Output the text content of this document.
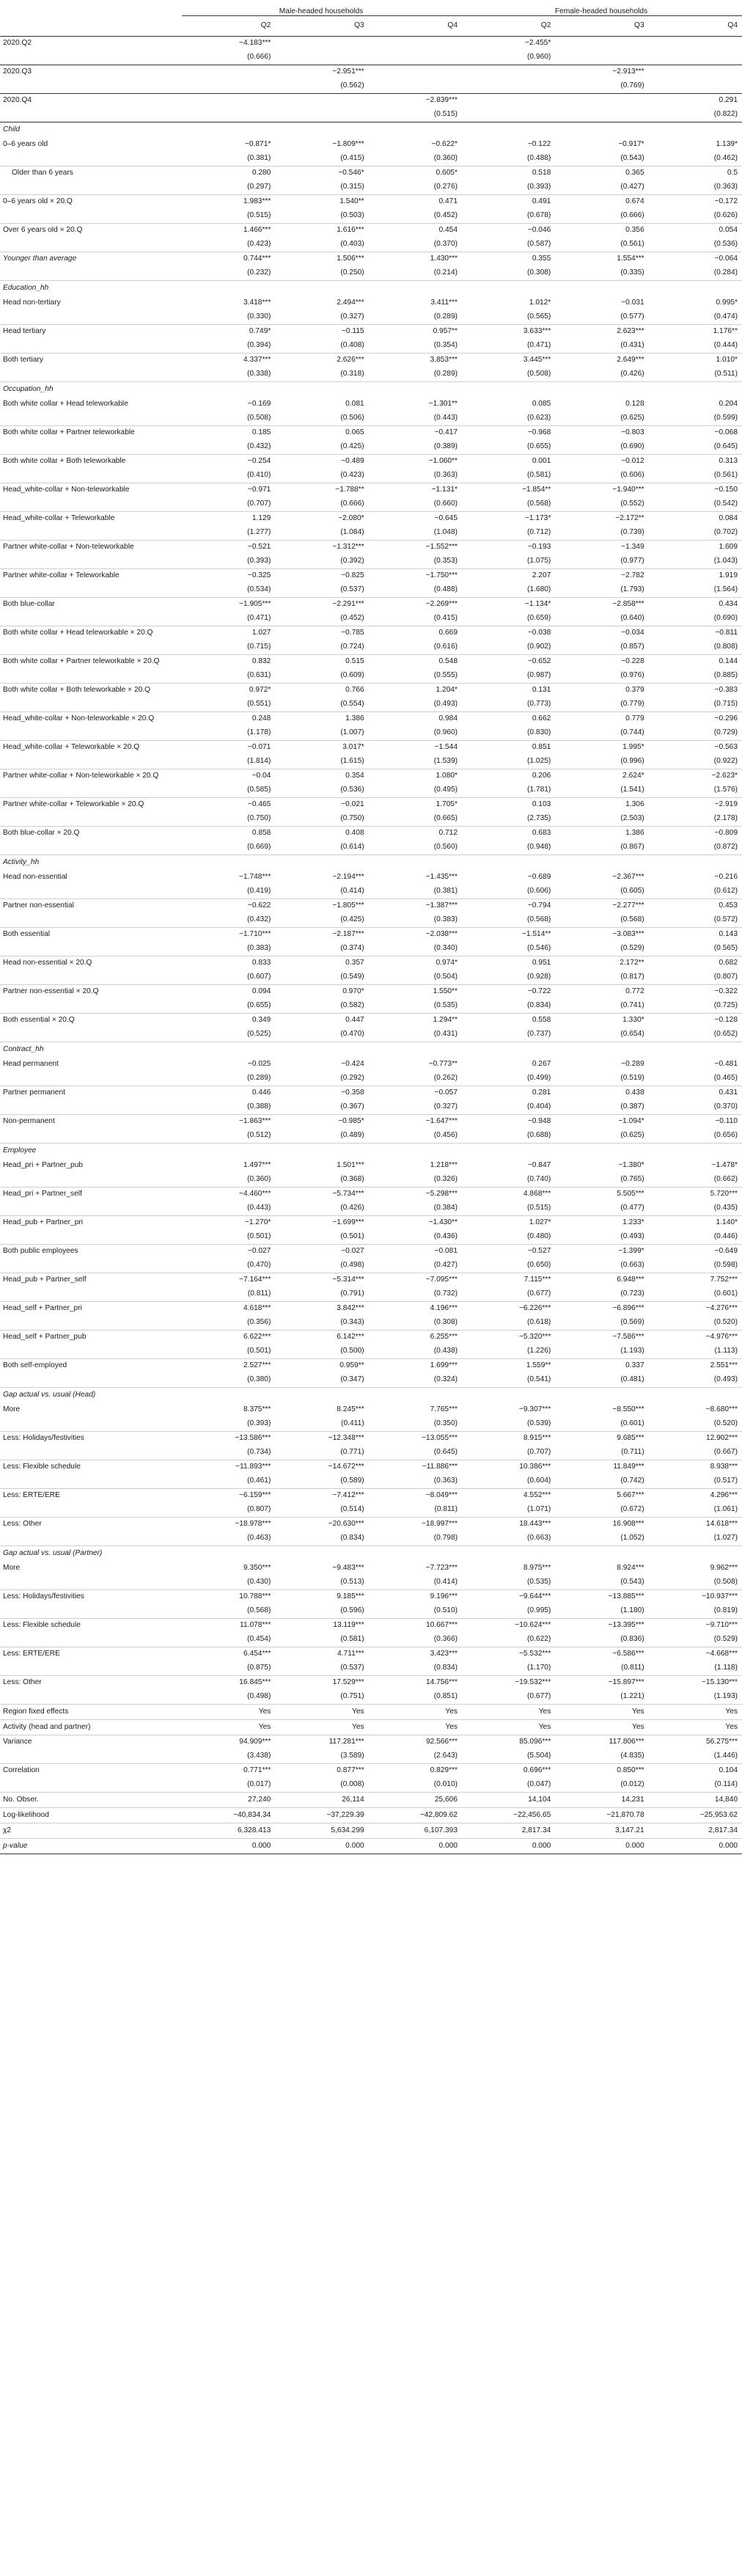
	Male-headed households			Female-headed households		
	Q2	Q3	Q4	Q2	Q3	Q4
2020.Q2	−4.183***			−2.455*		
	(0.666)			(0.960)		
2020.Q3		−2.951***			−2.913***	
		(0.562)			(0.769)	
2020.Q4			−2.839***			0.291
			(0.515)			(0.822)
Child						
0–6 years old	−0.871*	−1.809***	−0.622*	−0.122	−0.917*	1.139*
	(0.381)	(0.415)	(0.360)	(0.488)	(0.543)	(0.462)
Older than 6 years	0.280	−0.546*	0.605*	0.518	0.365	0.5
	(0.297)	(0.315)	(0.276)	(0.393)	(0.427)	(0.363)
0–6 years old × 20.Q	1.983***	1.540**	0.471	0.491	0.674	−0.172
	(0.515)	(0.503)	(0.452)	(0.678)	(0.666)	(0.626)
Over 6 years old × 20.Q	1.466***	1.616***	0.454	−0.046	0.356	0.054
	(0.423)	(0.403)	(0.370)	(0.587)	(0.561)	(0.536)
Younger than average	0.744***	1.506***	1.430***	0.355	1.554***	−0.064
	(0.232)	(0.250)	(0.214)	(0.308)	(0.335)	(0.284)
Education_hh						
Head non-tertiary	3.418***	2.494***	3.411***	1.012*	−0.031	0.995*
	(0.330)	(0.327)	(0.289)	(0.565)	(0.577)	(0.474)
Head tertiary	0.749*	−0.115	0.957**	3.633***	2.623***	1.176**
	(0.394)	(0.408)	(0.354)	(0.471)	(0.431)	(0.444)
Both tertiary	4.337***	2.626***	3.853***	3.445***	2.649***	1.010*
	(0.338)	(0.318)	(0.289)	(0.508)	(0.426)	(0.511)
Occupation_hh						
Both white collar + Head teleworkable	−0.169	0.081	−1.301**	0.085	0.128	0.204
	(0.508)	(0.506)	(0.443)	(0.623)	(0.625)	(0.599)
Both white collar + Partner teleworkable	0.185	0.065	−0.417	−0.968	−0.803	−0.068
	(0.432)	(0.425)	(0.389)	(0.655)	(0.690)	(0.645)
Both white collar + Both teleworkable	−0.254	−0.489	−1.060**	0.001	−0.012	0.313
	(0.410)	(0.423)	(0.363)	(0.581)	(0.606)	(0.561)
Head_white-collar + Non-teleworkable	−0.971	−1.788**	−1.131*	−1.854**	−1.940***	−0.150
	(0.707)	(0.666)	(0.660)	(0.568)	(0.552)	(0.542)
Head_white-collar + Teleworkable	1.129	−2.080*	−0.645	−1.173*	−2.172**	0.084
	(1.277)	(1.084)	(1.048)	(0.712)	(0.739)	(0.702)
Partner white-collar + Non-teleworkable	−0.521	−1.312***	−1.552***	−0.193	−1.349	1.609
	(0.393)	(0.392)	(0.353)	(1.075)	(0.977)	(1.043)
Partner white-collar + Teleworkable	−0.325	−0.825	−1.750***	2.207	−2.782	1.919
	(0.534)	(0.537)	(0.488)	(1.680)	(1.793)	(1.564)
Both blue-collar	−1.905***	−2.291***	−2.269***	−1.134*	−2.858***	0.434
	(0.471)	(0.452)	(0.415)	(0.659)	(0.640)	(0.690)
Both white collar + Head teleworkable × 20.Q	1.027	−0.785	0.669	−0.038	−0.034	−0.811
	(0.715)	(0.724)	(0.616)	(0.902)	(0.857)	(0.808)
Both white collar + Partner teleworkable × 20.Q	0.832	0.515	0.548	−0.652	−0.228	0.144
	(0.631)	(0.609)	(0.555)	(0.987)	(0.976)	(0.885)
Both white collar + Both teleworkable × 20.Q	0.972*	0.766	1.204*	0.131	0.379	−0.383
	(0.551)	(0.554)	(0.493)	(0.773)	(0.779)	(0.715)
Head_white-collar + Non-teleworkable × 20.Q	0.248	1.386	0.984	0.662	0.779	−0.296
	(1.178)	(1.007)	(0.960)	(0.830)	(0.744)	(0.729)
Head_white-collar + Teleworkable × 20.Q	−0.071	3.017*	−1.544	0.851	1.995*	−0.563
	(1.814)	(1.615)	(1.539)	(1.025)	(0.996)	(0.922)
Partner white-collar + Non-teleworkable × 20.Q	−0.04	0.354	1.080*	0.206	2.624*	−2.623*
	(0.585)	(0.536)	(0.495)	(1.781)	(1.541)	(1.576)
Partner white-collar + Teleworkable × 20.Q	−0.465	−0.021	1.705*	0.103	1.306	−2.919
	(0.750)	(0.750)	(0.665)	(2.735)	(2.503)	(2.178)
Both blue-collar × 20.Q	0.858	0.408	0.712	0.683	1.386	−0.809
	(0.669)	(0.614)	(0.560)	(0.948)	(0.867)	(0.872)
Activity_hh						
Head non-essential	−1.748***	−2.194***	−1.435***	−0.689	−2.367***	−0.216
	(0.419)	(0.414)	(0.381)	(0.606)	(0.605)	(0.612)
Partner non-essential	−0.622	−1.805***	−1.387***	−0.794	−2.277***	0.453
	(0.432)	(0.425)	(0.383)	(0.568)	(0.568)	(0.572)
Both essential	−1.710***	−2.187***	−2.038***	−1.514**	−3.083***	0.143
	(0.383)	(0.374)	(0.340)	(0.546)	(0.529)	(0.565)
Head non-essential × 20.Q	0.833	0.357	0.974*	0.951	2.172**	0.682
	(0.607)	(0.549)	(0.504)	(0.928)	(0.817)	(0.807)
Partner non-essential × 20.Q	0.094	0.970*	1.550**	−0.722	0.772	−0.322
	(0.655)	(0.582)	(0.535)	(0.834)	(0.741)	(0.725)
Both essential × 20.Q	0.349	0.447	1.294**	0.558	1.330*	−0.128
	(0.525)	(0.470)	(0.431)	(0.737)	(0.654)	(0.652)
Contract_hh						
Head permanent	−0.025	−0.424	−0.773**	0.267	−0.289	−0.481
	(0.289)	(0.292)	(0.262)	(0.499)	(0.519)	(0.465)
Partner permanent	0.446	−0.358	−0.057	0.281	0.438	0.431
	(0.388)	(0.367)	(0.327)	(0.404)	(0.387)	(0.370)
Non-permanent	−1.863***	−0.985*	−1.647***	−0.948	−1.094*	−0.110
	(0.512)	(0.489)	(0.456)	(0.688)	(0.625)	(0.656)
Employee						
Head_pri + Partner_pub	1.497***	1.501***	1.218***	−0.847	−1.380*	−1.478*
	(0.360)	(0.368)	(0.326)	(0.740)	(0.765)	(0.662)
Head_pri + Partner_self	−4.460***	−5.734***	−5.298***	4.868***	5.505***	5.720***
	(0.443)	(0.426)	(0.384)	(0.515)	(0.477)	(0.435)
Head_pub + Partner_pri	−1.270*	−1.699***	−1.430**	1.027*	1.233*	1.140*
	(0.501)	(0.501)	(0.436)	(0.480)	(0.493)	(0.446)
Both public employees	−0.027	−0.027	−0.081	−0.527	−1.399*	−0.649
	(0.470)	(0.498)	(0.427)	(0.650)	(0.663)	(0.598)
Head_pub + Partner_self	−7.164***	−5.314***	−7.095***	7.115***	6.948***	7.752***
	(0.811)	(0.791)	(0.732)	(0.677)	(0.723)	(0.601)
Head_self + Partner_pri	4.618***	3.842***	4.196***	−6.226***	−6.896***	−4.276***
	(0.356)	(0.343)	(0.308)	(0.618)	(0.569)	(0.520)
Head_self + Partner_pub	6.622***	6.142***	6.255***	−5.320***	−7.586***	−4.976***
	(0.501)	(0.500)	(0.438)	(1.226)	(1.193)	(1.113)
Both self-employed	2.527***	0.959**	1.699***	1.559**	0.337	2.551***
	(0.380)	(0.347)	(0.324)	(0.541)	(0.481)	(0.493)
Gap actual vs. usual (Head)						
More	8.375***	8.245***	7.765***	−9.307***	−8.550***	−8.680***
	(0.393)	(0.411)	(0.350)	(0.539)	(0.601)	(0.520)
Less: Holidays/festivities	−13.586***	−12.348***	−13.055***	8.915***	9.685***	12.902***
	(0.734)	(0.771)	(0.645)	(0.707)	(0.711)	(0.667)
Less: Flexible schedule	−11.893***	−14.672***	−11.886***	10.386***	11.849***	8.938***
	(0.461)	(0.589)	(0.363)	(0.604)	(0.742)	(0.517)
Less: ERTE/ERE	−6.159***	−7.412***	−8.049***	4.552***	5.667***	4.296***
	(0.807)	(0.514)	(0.811)	(1.071)	(0.672)	(1.061)
Less: Other	−18.978***	−20.630***	−18.997***	18.443***	16.908***	14.618***
	(0.463)	(0.834)	(0.798)	(0.663)	(1.052)	(1.027)
Gap actual vs. usual (Partner)						
More	9.350***	−9.483***	−7.723***	8.975***	8.924***	9.962***
	(0.430)	(0.513)	(0.414)	(0.535)	(0.543)	(0.508)
Less: Holidays/festivities	10.788***	9.185***	9.196***	−9.644***	−13.885***	−10.937***
	(0.568)	(0.596)	(0.510)	(0.995)	(1.180)	(0.819)
Less: Flexible schedule	11.078***	13.119***	10.667***	−10.624***	−13.395***	−9.710***
	(0.454)	(0.581)	(0.366)	(0.622)	(0.836)	(0.529)
Less: ERTE/ERE	6.454***	4.711***	3.423***	−5.532***	−6.586***	−4.668***
	(0.875)	(0.537)	(0.834)	(1.170)	(0.811)	(1.118)
Less: Other	16.845***	17.529***	14.756***	−19.532***	−15.897***	−15.130***
	(0.498)	(0.751)	(0.851)	(0.677)	(1.221)	(1.193)
Region fixed effects	Yes	Yes	Yes	Yes	Yes	Yes
Activity (head and partner)	Yes	Yes	Yes	Yes	Yes	Yes
Variance	94.909***	117.281***	92.566***	85.096***	117.806***	56.275***
	(3.438)	(3.589)	(2.643)	(5.504)	(4.835)	(1.446)
Correlation	0.771***	0.877***	0.829***	0.696***	0.850***	0.104
	(0.017)	(0.008)	(0.010)	(0.047)	(0.012)	(0.114)
No. Obser.	27,240	26,114	25,606	14,104	14,231	14,840
Log-likelihood	−40,834.34	−37,229.39	−42,809.62	−22,456.65	−21,870.78	−25,953.62
χ2	6,328.413	5,634.299	6,107.393	2,817.34	3,147.21	2,817.34
p-value	0.000	0.000	0.000	0.000	0.000	0.000
